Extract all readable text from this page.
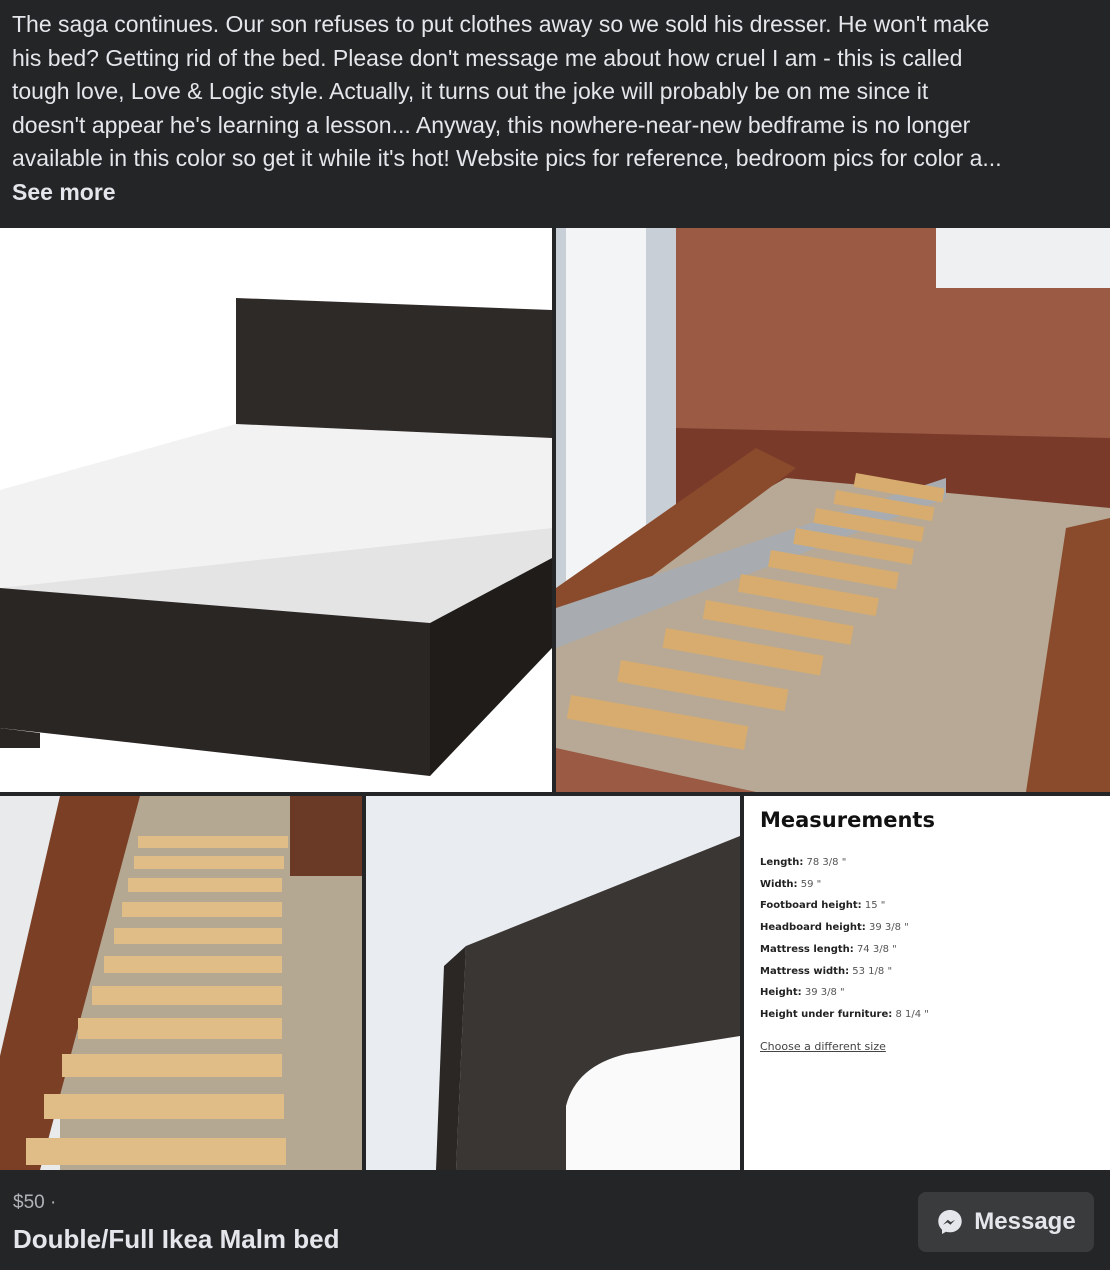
The saga continues. Our son refuses to put clothes away so we sold his dresser. He won't make

his bed? Getting rid of the bed. Please don't message me about how cruel I am - this is called

tough love, Love & Logic style. Actually, it turns out the joke will probably be on me since it

doesn't appear he's learning a lesson... Anyway, this nowhere-near-new bedframe is no longer

available in this color so get it while it's hot! Website pics for reference, bedroom pics for color a...

See more
Measurements
Length: 78 3/8 "
Width: 59 "
Footboard height: 15 "
Headboard height: 39 3/8 "
Mattress length: 74 3/8 "
Mattress width: 53 1/8 "
Height: 39 3/8 "
Height under furniture: 8 1/4 "
Choose a different size
$50 ·
Double/Full Ikea Malm bed
Message
